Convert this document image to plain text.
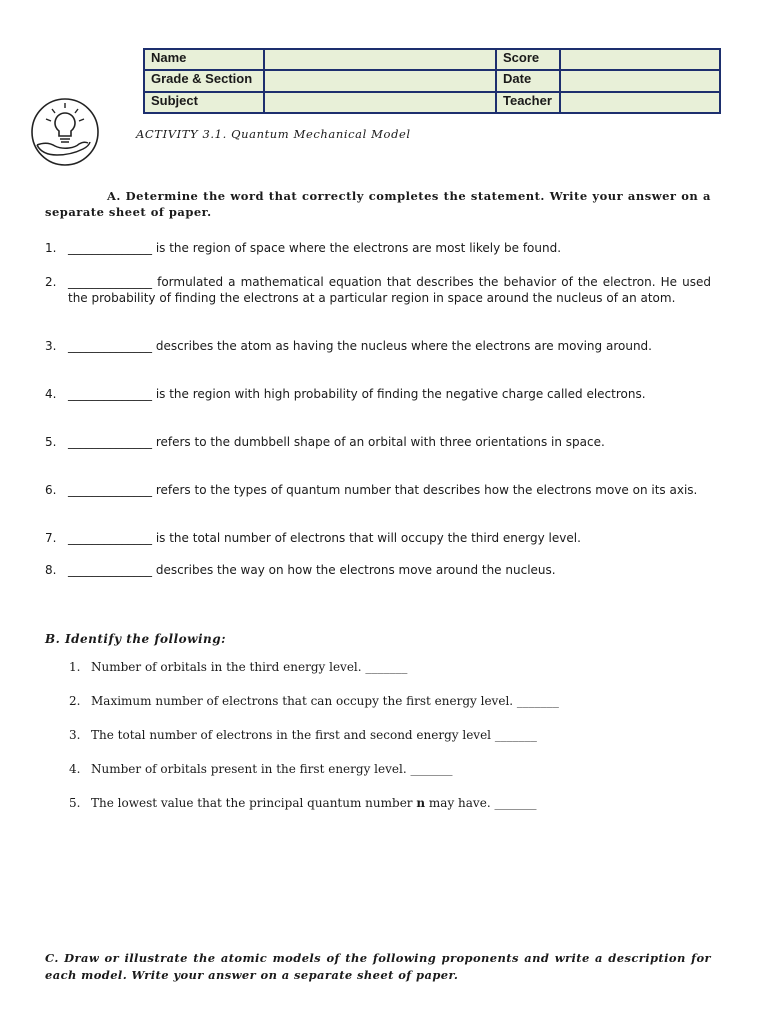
Name		Score	
Grade & Section		Date	
Subject		Teacher	
ACTIVITY 3.1. Quantum Mechanical Model
A. Determine the word that correctly completes the statement. Write your answer on a separate sheet of paper.
1. ______________ is the region of space where the electrons are most likely be found.
2. ______________ formulated a mathematical equation that describes the behavior of the electron. He used the probability of finding the electrons at a particular region in space around the nucleus of an atom.
3. ______________ describes the atom as having the nucleus where the electrons are moving around.
4. ______________ is the region with high probability of finding the negative charge called electrons.
5. ______________ refers to the dumbbell shape of an orbital with three orientations in space.
6. ______________ refers to the types of quantum number that describes how the electrons move on its axis.
7. ______________ is the total number of electrons that will occupy the third energy level.
8. ______________ describes the way on how the electrons move around the nucleus.
B. Identify the following:
1. Number of orbitals in the third energy level. _______
2. Maximum number of electrons that can occupy the first energy level. _______
3. The total number of electrons in the first and second energy level _______
4. Number of orbitals present in the first energy level. _______
5. The lowest value that the principal quantum number n may have. _______
C. Draw or illustrate the atomic models of the following proponents and write a description for each model. Write your answer on a separate sheet of paper.
